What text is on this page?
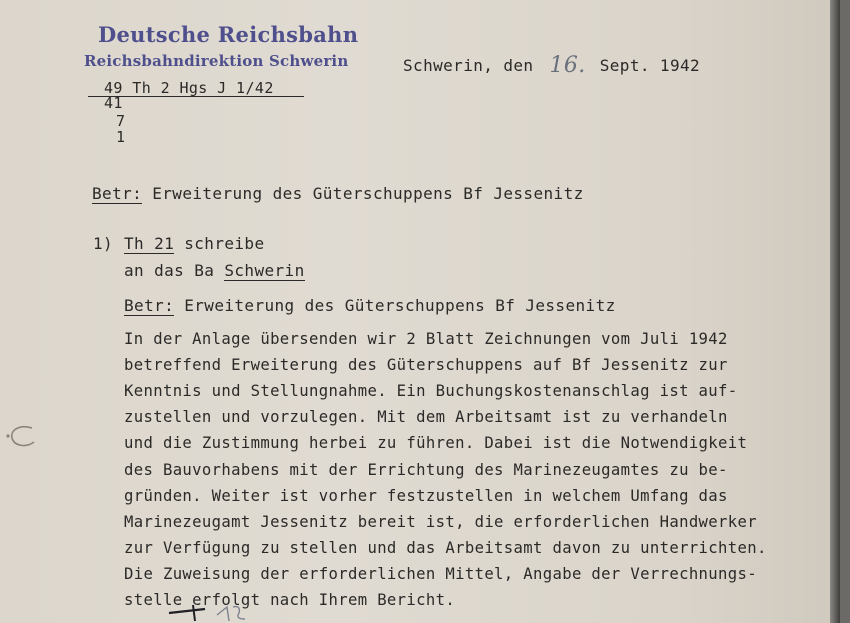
Deutsche Reichsbahn
Reichsbahndirektion Schwerin	Schwerin, den 16. Sept. 1942
49 Th 2 Hgs J 1/42
41
7
1
Betr: Erweiterung des Güterschuppens Bf Jessenitz
1) Th 21 schreibe
an das Ba Schwerin
Betr: Erweiterung des Güterschuppens Bf Jessenitz
In der Anlage übersenden wir 2 Blatt Zeichnungen vom Juli 1942
betreffend Erweiterung des Güterschuppens auf Bf Jessenitz zur
Kenntnis und Stellungnahme. Ein Buchungskostenanschlag ist auf-
zustellen und vorzulegen. Mit dem Arbeitsamt ist zu verhandeln
und die Zustimmung herbei zu führen. Dabei ist die Notwendigkeit
des Bauvorhabens mit der Errichtung des Marinezeugamtes zu be-
gründen. Weiter ist vorher festzustellen in welchem Umfang das
Marinezeugamt Jessenitz bereit ist, die erforderlichen Handwerker
zur Verfügung zu stellen und das Arbeitsamt davon zu unterrichten.
Die Zuweisung der erforderlichen Mittel, Angabe der Verrechnungs-
stelle erfolgt nach Ihrem Bericht.
